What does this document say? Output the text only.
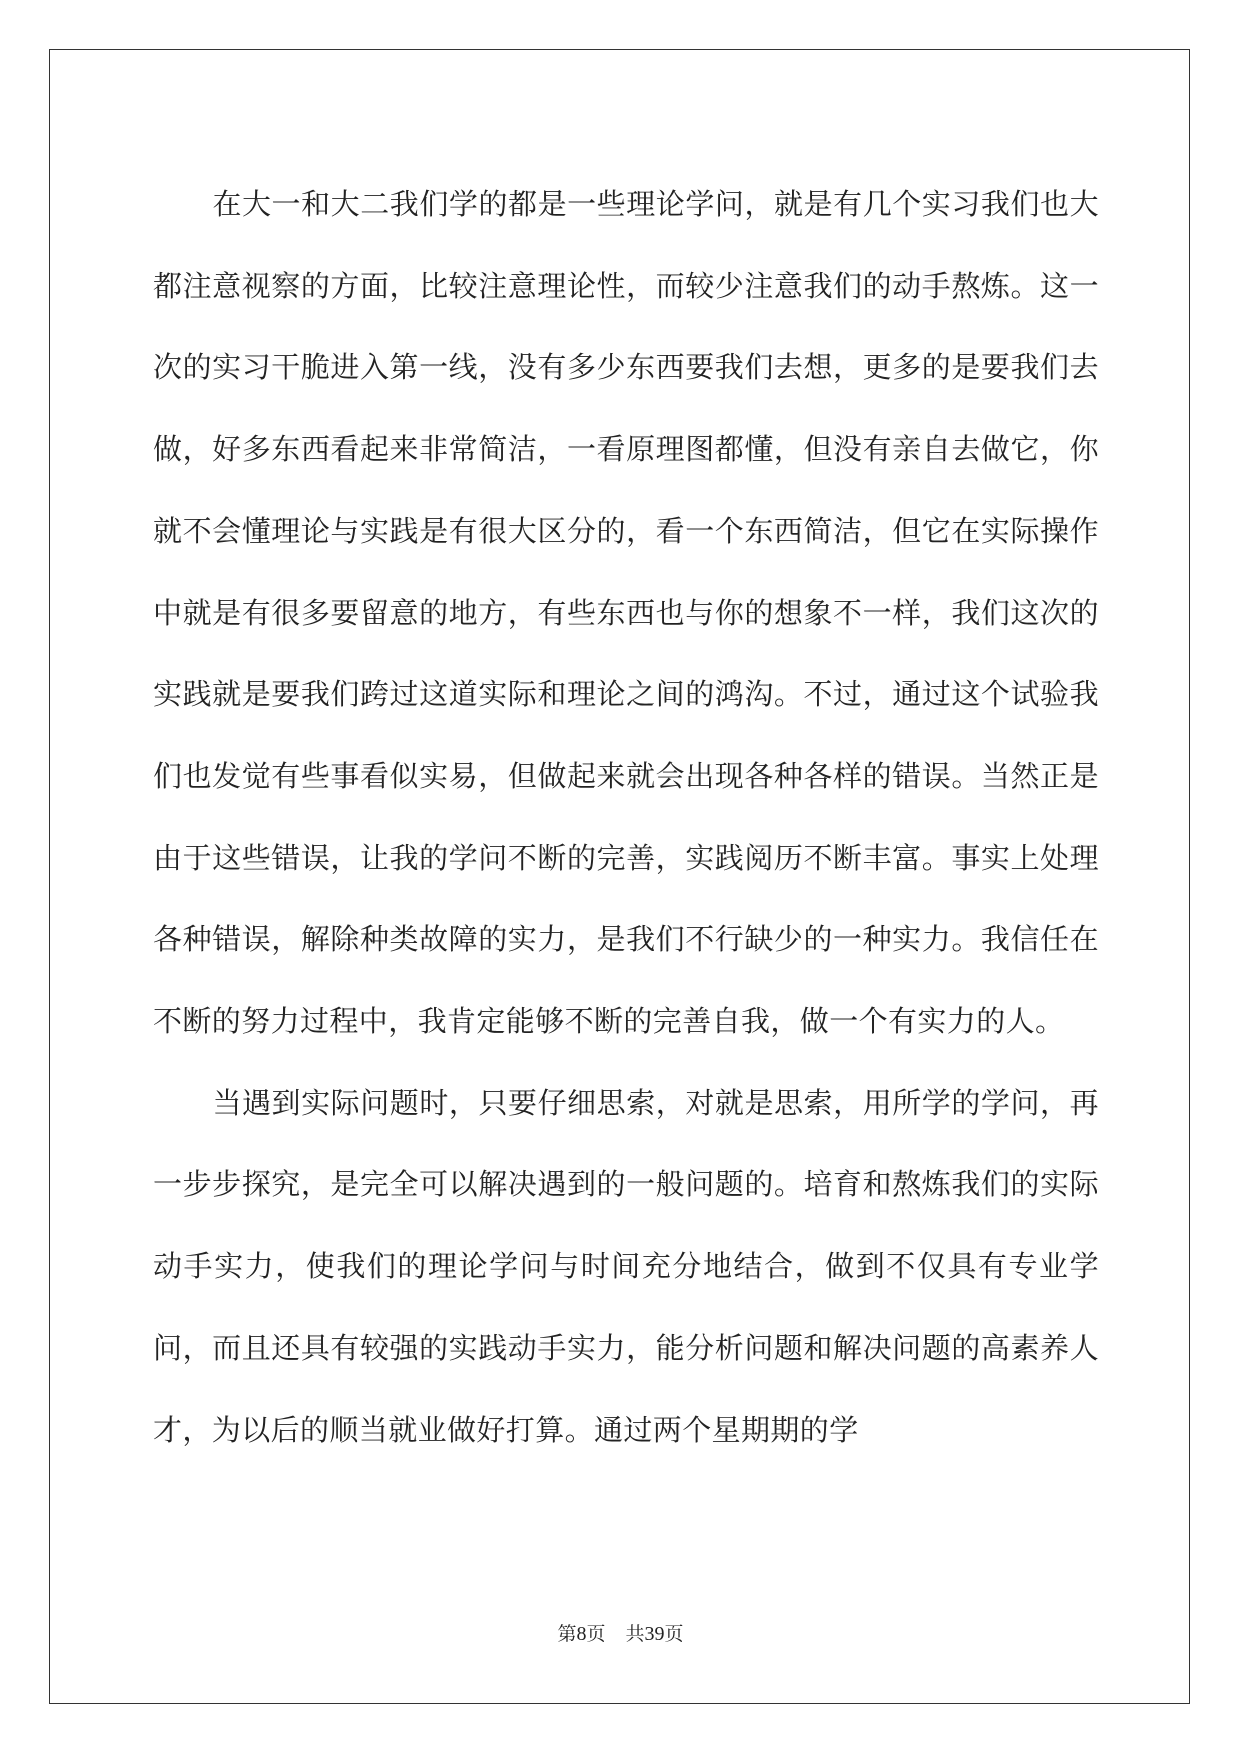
在大一和大二我们学的都是一些理论学问，就是有几个实习我们也大都注意视察的方面，比较注意理论性，而较少注意我们的动手熬炼。这一次的实习干脆进入第一线，没有多少东西要我们去想，更多的是要我们去做，好多东西看起来非常简洁，一看原理图都懂，但没有亲自去做它，你就不会懂理论与实践是有很大区分的，看一个东西简洁，但它在实际操作中就是有很多要留意的地方，有些东西也与你的想象不一样，我们这次的实践就是要我们跨过这道实际和理论之间的鸿沟。不过，通过这个试验我们也发觉有些事看似实易，但做起来就会出现各种各样的错误。当然正是由于这些错误，让我的学问不断的完善，实践阅历不断丰富。事实上处理各种错误，解除种类故障的实力，是我们不行缺少的一种实力。我信任在不断的努力过程中，我肯定能够不断的完善自我，做一个有实力的人。

当遇到实际问题时，只要仔细思索，对就是思索，用所学的学问，再一步步探究，是完全可以解决遇到的一般问题的。培育和熬炼我们的实际动手实力，使我们的理论学问与时间充分地结合，做到不仅具有专业学问，而且还具有较强的实践动手实力，能分析问题和解决问题的高素养人才，为以后的顺当就业做好打算。通过两个星期期的学

第8页 共39页
